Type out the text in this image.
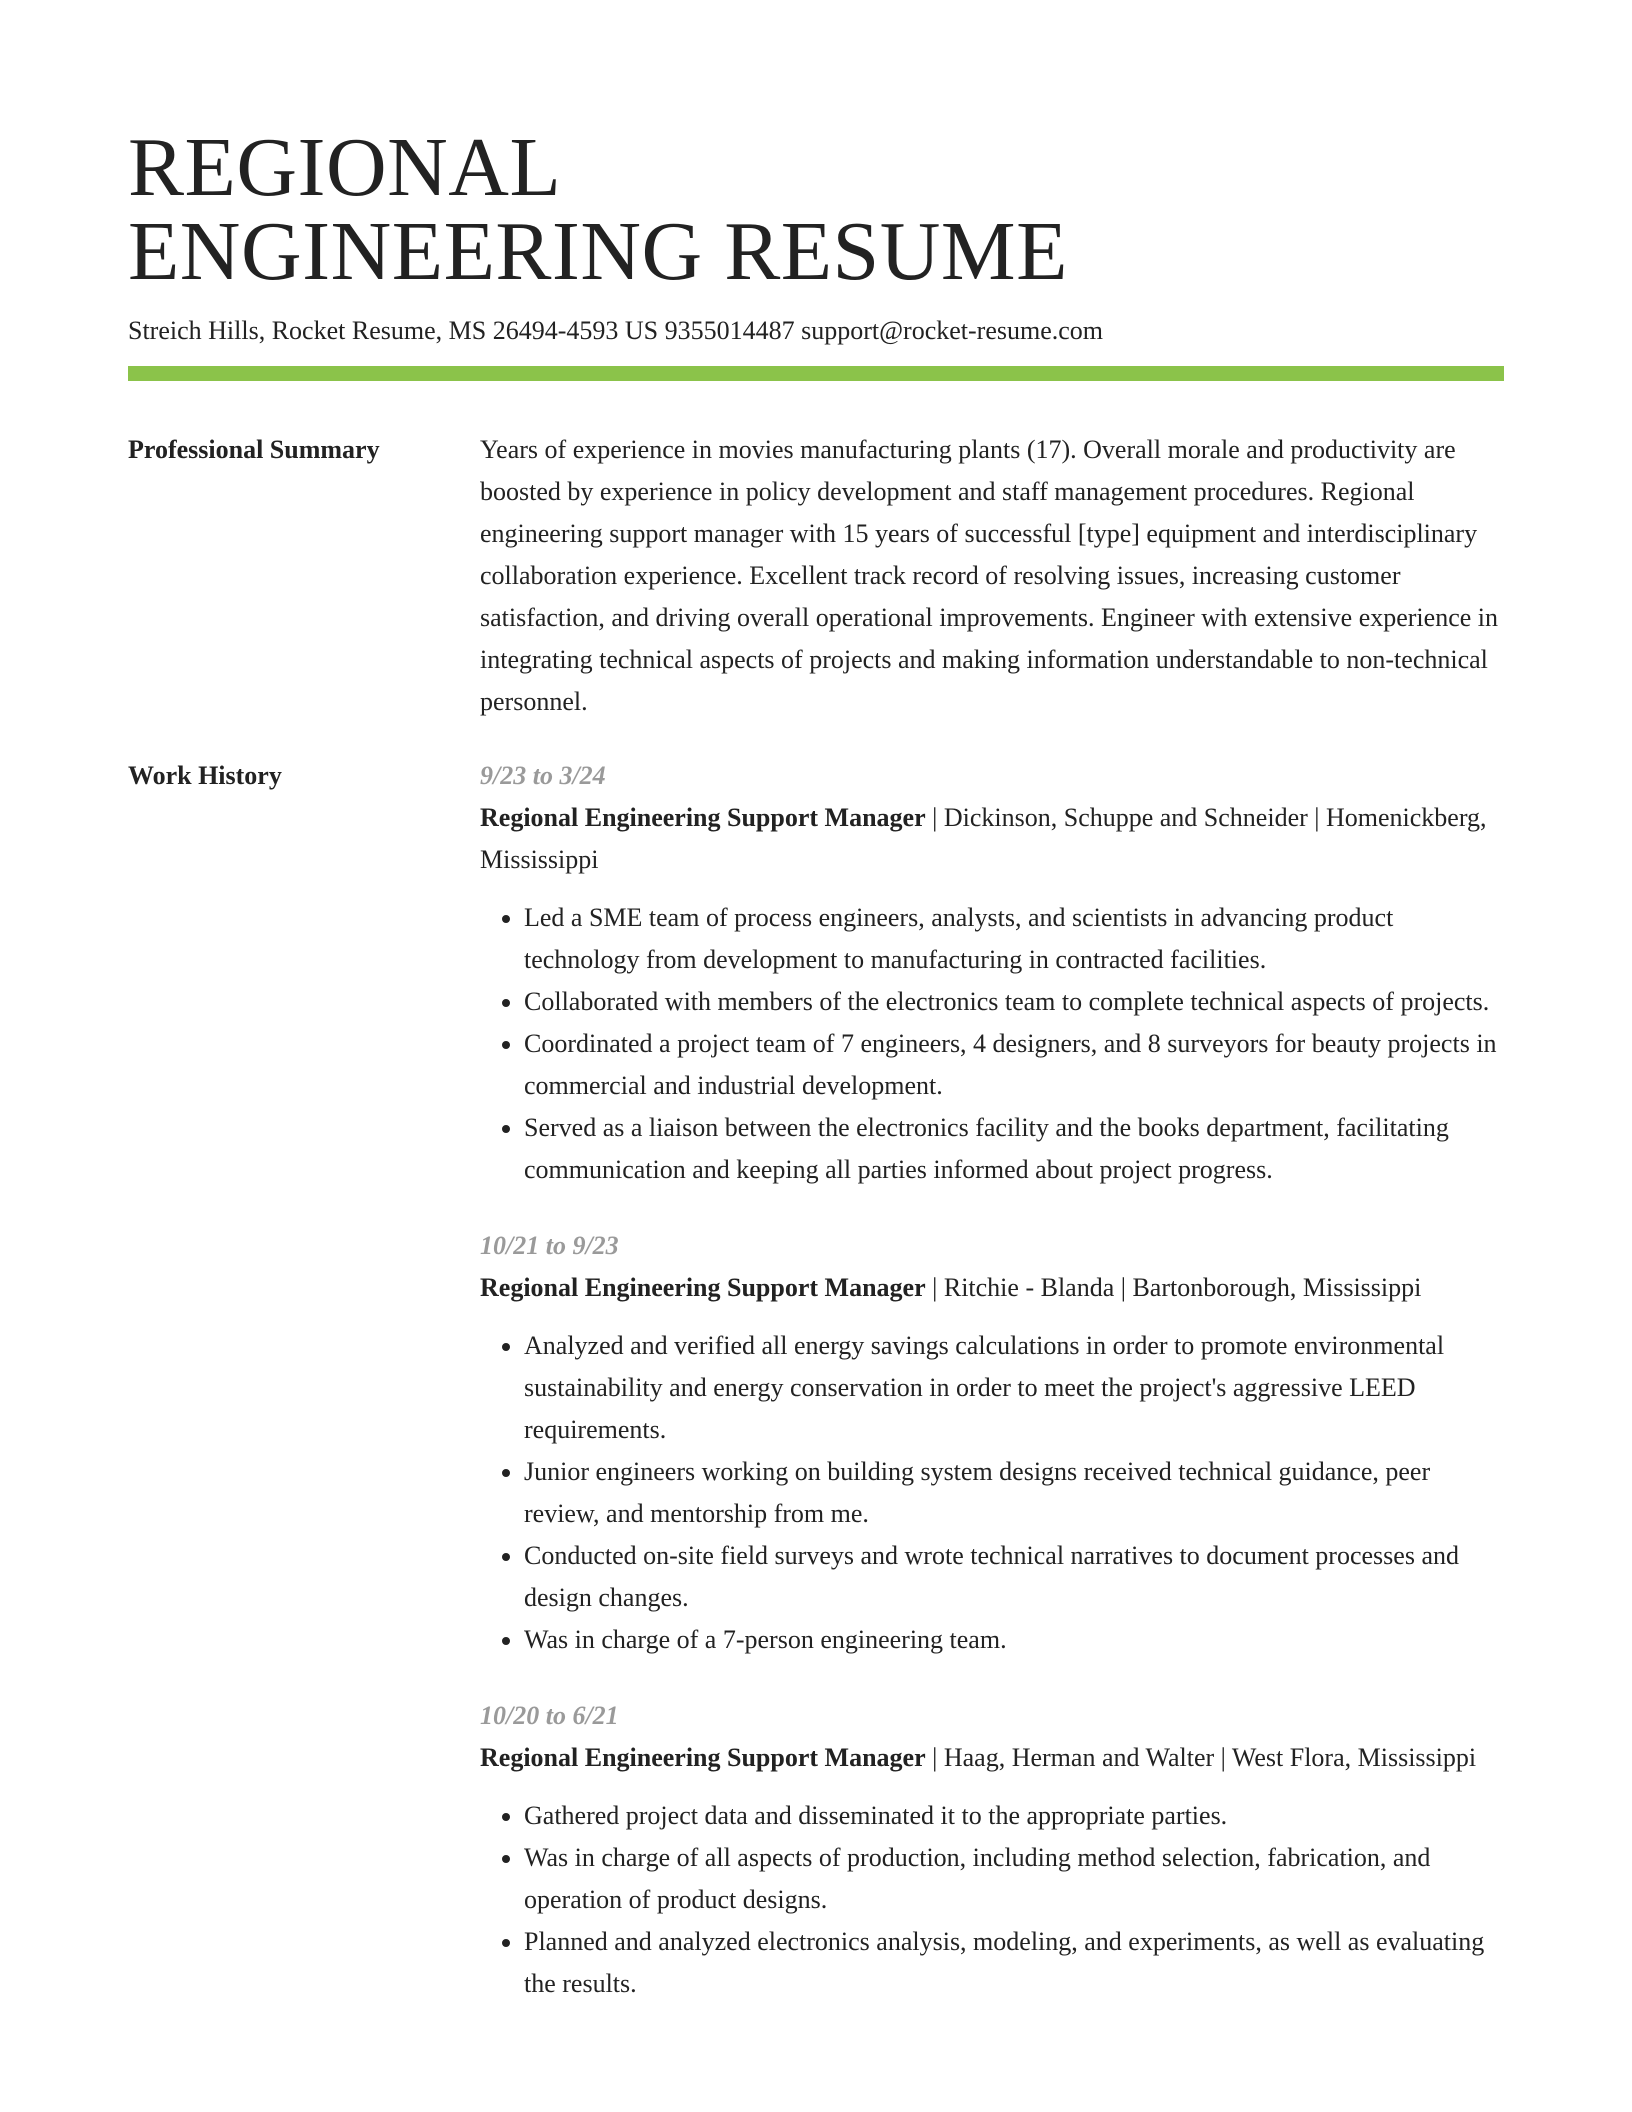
REGIONAL
ENGINEERING RESUME
Streich Hills, Rocket Resume, MS 26494-4593 US 9355014487 support@rocket-resume.com
Professional Summary	Years of experience in movies manufacturing plants (17). Overall morale and productivity are boosted by experience in policy development and staff management procedures. Regional engineering support manager with 15 years of successful [type] equipment and interdisciplinary collaboration experience. Excellent track record of resolving issues, increasing customer satisfaction, and driving overall operational improvements. Engineer with extensive experience in integrating technical aspects of projects and making information understandable to non-technical personnel.

Work History	9/23 to 3/24

Regional Engineering Support Manager | Dickinson, Schuppe and Schneider | Homenickberg, Mississippi

• Led a SME team of process engineers, analysts, and scientists in advancing product technology from development to manufacturing in contracted facilities.
• Collaborated with members of the electronics team to complete technical aspects of projects.
• Coordinated a project team of 7 engineers, 4 designers, and 8 surveyors for beauty projects in commercial and industrial development.
• Served as a liaison between the electronics facility and the books department, facilitating communication and keeping all parties informed about project progress.

10/21 to 9/23

Regional Engineering Support Manager | Ritchie - Blanda | Bartonborough, Mississippi

• Analyzed and verified all energy savings calculations in order to promote environmental sustainability and energy conservation in order to meet the project's aggressive LEED requirements.
• Junior engineers working on building system designs received technical guidance, peer review, and mentorship from me.
• Conducted on-site field surveys and wrote technical narratives to document processes and design changes.
• Was in charge of a 7-person engineering team.

10/20 to 6/21

Regional Engineering Support Manager | Haag, Herman and Walter | West Flora, Mississippi

• Gathered project data and disseminated it to the appropriate parties.
• Was in charge of all aspects of production, including method selection, fabrication, and operation of product designs.
• Planned and analyzed electronics analysis, modeling, and experiments, as well as evaluating the results.
